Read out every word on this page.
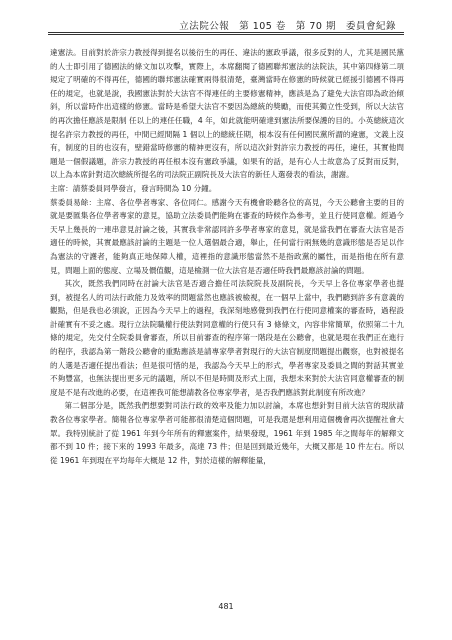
立法院公報　第 105 卷　第 70 期　委員會紀錄

違憲法。目前對於許宗力教授得到提名以後衍生的再任、違法的憲政爭議，很多反對的人，尤其是國民黨的人士即引用了德國法的條文加以攻擊，實際上，本席翻閱了德國聯邦憲法的法院法，其中第四條第二項規定了明確的不得再任，德國的聯邦憲法確實兩得很清楚，臺灣當時在修憲的時候就已經援引德國不得再任的規定，也就是說，我國憲法對於大法官不得連任的主要修憲精神，應該是為了避免大法官即為政治傾斜，所以當時作出這樣的修憲。當時是希望大法官不要因為總統的獎勵，而使其獨立性受到，所以大法官的再次擔任應該是限制 任以上的連任任職，4 年，如此就能明確達到憲法所要保護的目的。小英總統這次提名許宗力教授的再任，中間已經間隔 1 個以上的總統任期，根本沒有任何國民黨所謂的違憲，文義上沒有，制度的目的也沒有，壁錯當時修憲的精神更沒有，所以這次針對許宗力教授的再任，違任，其實他問題是一個假議題，許宗力教授的再任根本沒有憲政爭議，如果有的話，是有心人士故意為了反對而反對，以上為本席針對這次總統所提名的司法院正副院長及大法官的新任人選發表的看法，謝謝。

主席：請蔡委員同學發言，發言時間為 10 分鐘。

蔡委員易餘：主席、各位學者專家、各位同仁。感謝今天有機會聆聽各位的高見，今天公聽會主要的目的就是要匯集各位學者專家的意見，協助立法委員們能夠在審查的時候作為參考，並且行使同意權。經過今天早上幾長的一連串意見討論之後，其實我非常認同許多學者專家的意見，就是當我們在審查大法官是否適任的時候，其實最應該討論的主題是一位人選個最合適，舉止，任何當行兩無幾的意識形態是否足以作為憲法的守護者，能夠真正地保障人權，這裡指的意識形態當然不是指政黨的屬性，而是指他在所有意見，問題上面的態度、立場及價值觀，這是檢測一位大法官是否適任時我們最應該討論的問題。

其次，既然我們同時在討論大法官是否適合擔任司法院院長及副院長，今天早上各位專家學者也提到，被提名人的司法行政能力及效率的問題當然也應該被檢視，在一個早上當中，我們聽到許多有意義的觀點，但是我也必須說，正因為今天早上的過程，我深刻地感覺到我們在行使同意權案的審查時，過程設計確實有不妥之處。現行立法院職權行使法對同意權的行使只有 3 條條文，內容非常簡單，依照第二十九條的規定，先交付全院委員會審查，所以目前審查的程序第一階段是在公聽會，也就是現在我們正在進行的程序，我認為第一階段公聽會的重點應該是請專家學者對現行的大法官制度問題提出觀察，也對被提名的人選是否適任提出看法；但是很可惜的是，我認為今天早上的形式，學者專家及委員之間的對話其實並不夠豐富，也無法提出更多元的議題，所以不但是時間及形式上面，我想未來對於大法官同意權審查的制度是不是有改進的必要，在這裡我可能想請教各位專家學者，是否我們應該對此制度有所改進？

第二個部分是，既然我們想要對司法行政的效率及能力加以討論，本席也想針對目前大法官的現狀請教各位專家學者。簡報各位專家學者可能都很清楚這個問題，可是我還是想利用這個機會再次提醒社會大眾。我特別統計了從 1961 年到今年所有的釋憲案件，結果發現，1961 年到 1985 年之間每年的解釋文都不到 10 件；接下來的 1993 年最多，高達 73 件；但是回到最近幾年，大概又都是 10 件左右。所以從 1961 年到現在平均每年大概是 12 件，對於這樣的解釋能量，

481
